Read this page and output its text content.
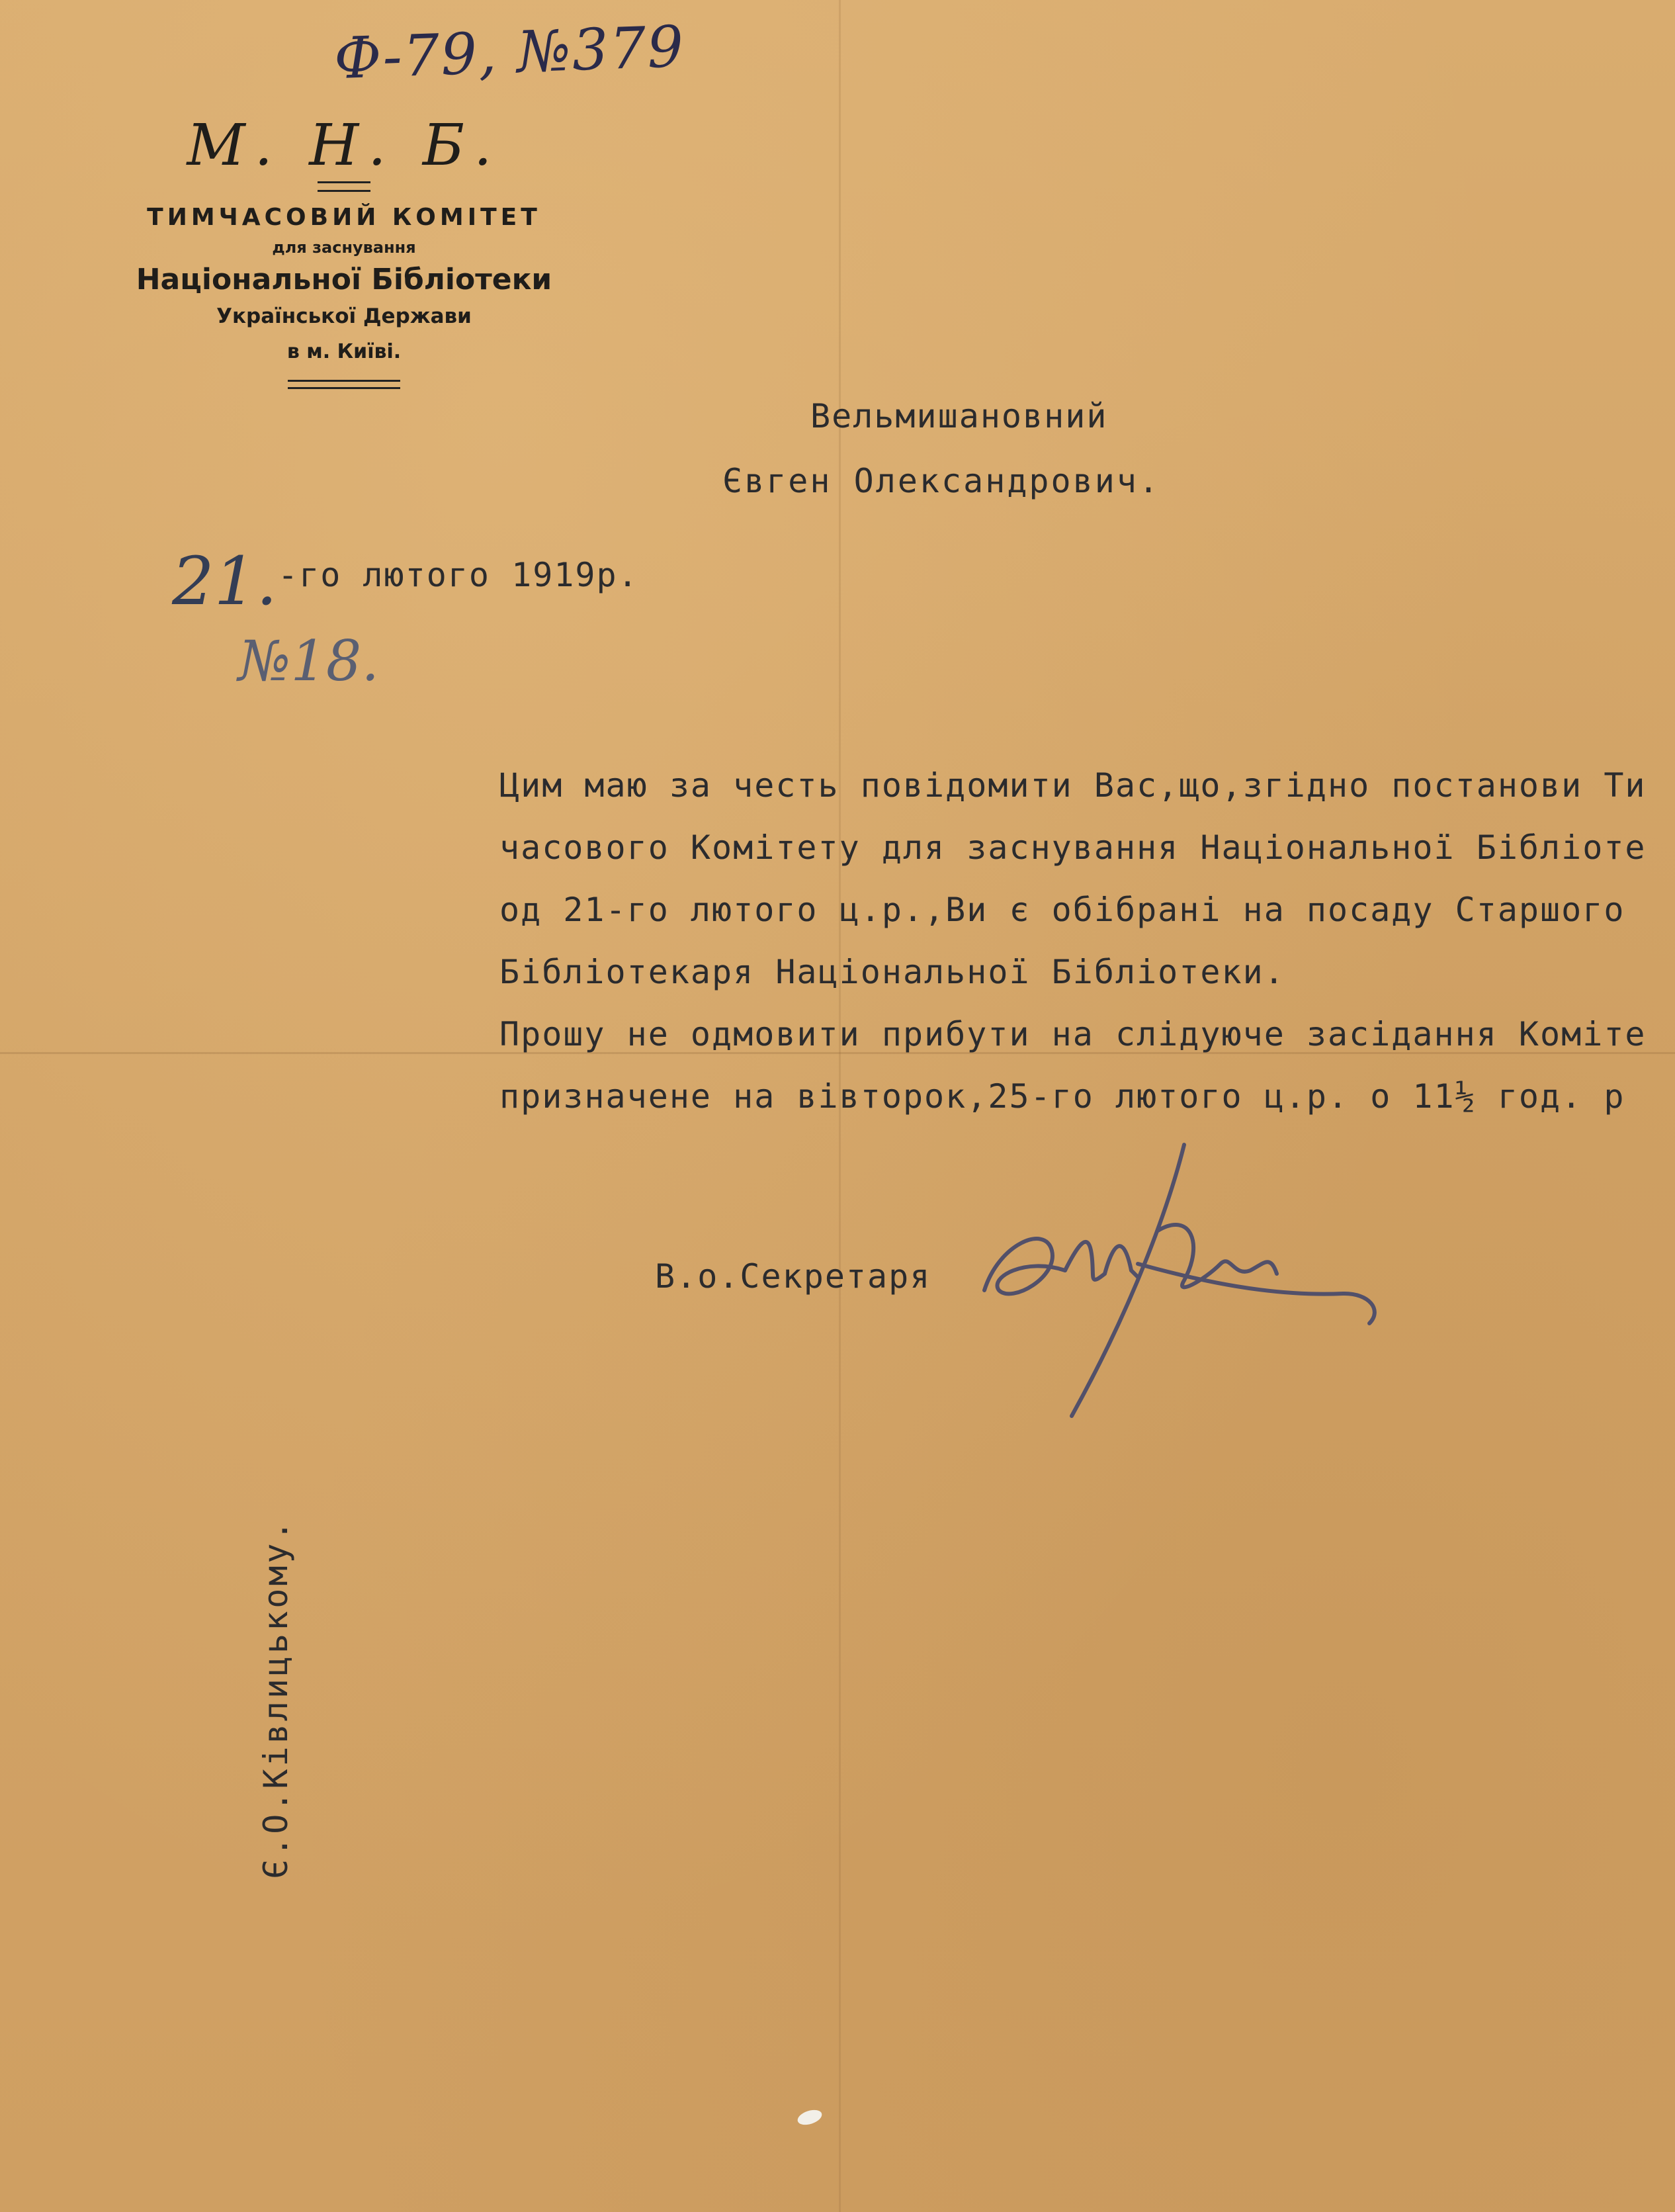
Ф-79, №379
М. Н. Б.
ТИМЧАСОВИЙ КОМІТЕТ
для заснування
Національної Бібліотеки
Української Держави
в м. Київі.
Вельмишановний
Євген Олександрович.
21. -го лютого 1919р.
№18.
Цим маю за честь повідомити Вас,що,згідно постанови Ти
часового Комітету для заснування Національної Бібліоте
од 21-го лютого ц.р.,Ви є обібрані на посаду Старшого
Бібліотекаря Національної Бібліотеки.
Прошу не одмовити прибути на слідуюче засідання Коміте
призначене на вівторок,25-го лютого ц.р. о 11½ год. р
В.о.Секретаря
Є.О.Ківлицькому.
